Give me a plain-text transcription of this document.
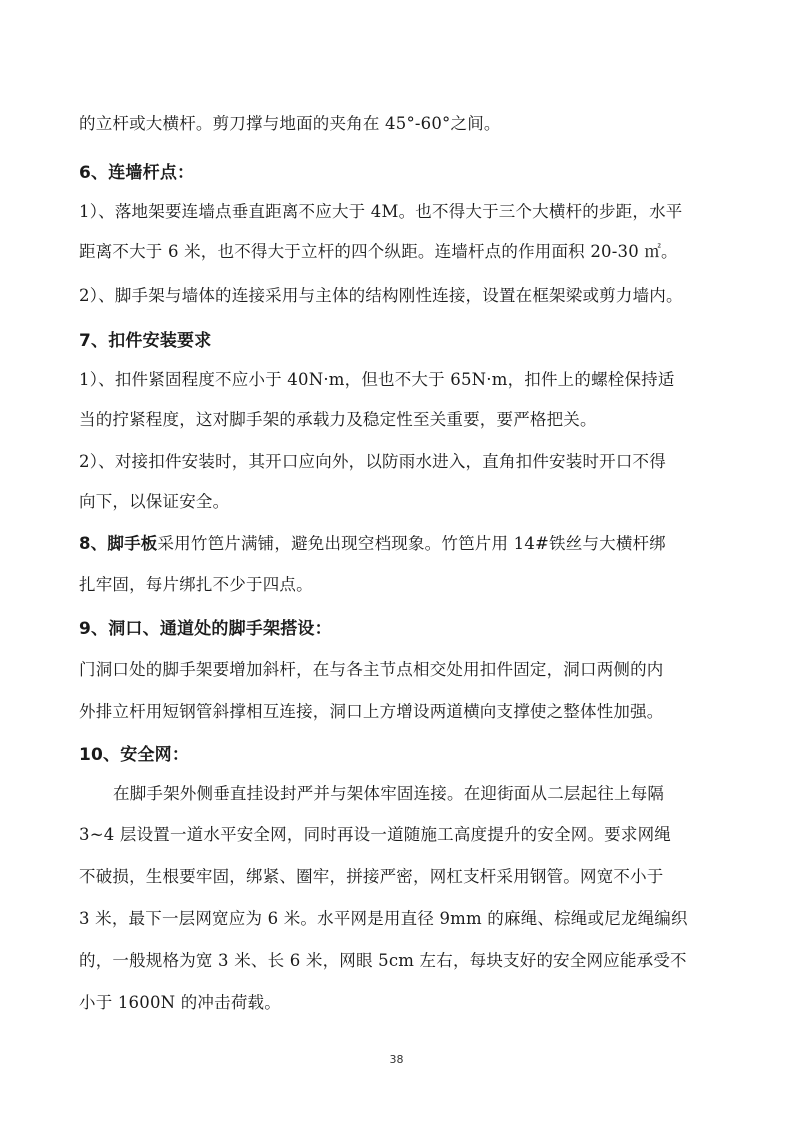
的立杆或大横杆。剪刀撑与地面的夹角在 45°-60°之间。
6、连墙杆点：
1）、落地架要连墙点垂直距离不应大于 4M。也不得大于三个大横杆的步距，水平
距离不大于 6 米，也不得大于立杆的四个纵距。连墙杆点的作用面积 20-30 ㎡。
2）、脚手架与墙体的连接采用与主体的结构刚性连接，设置在框架梁或剪力墙内。
7、扣件安装要求
1）、扣件紧固程度不应小于 40N·m，但也不大于 65N·m，扣件上的螺栓保持适
当的拧紧程度，这对脚手架的承载力及稳定性至关重要，要严格把关。
2）、对接扣件安装时，其开口应向外，以防雨水进入，直角扣件安装时开口不得
向下，以保证安全。
8、脚手板采用竹笆片满铺，避免出现空档现象。竹笆片用 14#铁丝与大横杆绑
扎牢固，每片绑扎不少于四点。
9、洞口、通道处的脚手架搭设：
门洞口处的脚手架要增加斜杆，在与各主节点相交处用扣件固定，洞口两侧的内
外排立杆用短钢管斜撑相互连接，洞口上方增设两道横向支撑使之整体性加强。
10、安全网：
在脚手架外侧垂直挂设封严并与架体牢固连接。在迎街面从二层起往上每隔
3~4 层设置一道水平安全网，同时再设一道随施工高度提升的安全网。要求网绳
不破损，生根要牢固，绑紧、圈牢，拼接严密，网杠支杆采用钢管。网宽不小于
3 米，最下一层网宽应为 6 米。水平网是用直径 9mm 的麻绳、棕绳或尼龙绳编织
的，一般规格为宽 3 米、长 6 米，网眼 5cm 左右，每块支好的安全网应能承受不
小于 1600N 的冲击荷载。
38
